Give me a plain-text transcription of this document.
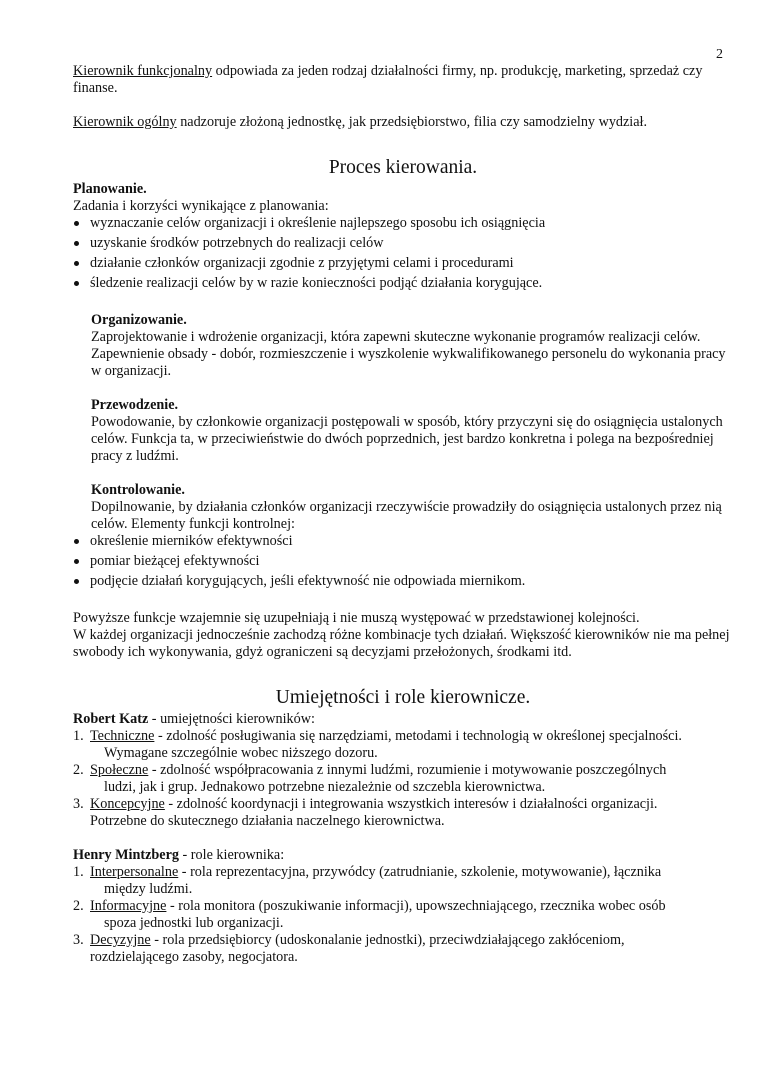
2

Kierownik funkcjonalny odpowiada za jeden rodzaj działalności firmy, np. produkcję, marketing, sprzedaż czy finanse.

Kierownik ogólny nadzoruje złożoną jednostkę, jak przedsiębiorstwo, filia czy samodzielny wydział.

Proces kierowania.

Planowanie.

Zadania i korzyści wynikające z planowania:

wyznaczanie celów organizacji i określenie najlepszego sposobu ich osiągnięcia
uzyskanie środków potrzebnych do realizacji celów
działanie członków organizacji zgodnie z przyjętymi celami i procedurami
śledzenie realizacji celów by w razie konieczności podjąć działania korygujące.

Organizowanie.

Zaprojektowanie i wdrożenie organizacji, która zapewni skuteczne wykonanie programów realizacji celów.

Zapewnienie obsady - dobór, rozmieszczenie i wyszkolenie wykwalifikowanego personelu do wykonania pracy w organizacji.

Przewodzenie.

Powodowanie, by członkowie organizacji postępowali w sposób, który przyczyni się do osiągnięcia ustalonych celów. Funkcja ta, w przeciwieństwie do dwóch poprzednich, jest bardzo konkretna i polega na bezpośredniej pracy z ludźmi.

Kontrolowanie.

Dopilnowanie, by działania członków organizacji rzeczywiście prowadziły do osiągnięcia ustalonych przez nią celów. Elementy funkcji kontrolnej:

określenie mierników efektywności
pomiar bieżącej efektywności
podjęcie działań korygujących, jeśli efektywność nie odpowiada miernikom.

Powyższe funkcje wzajemnie się uzupełniają i nie muszą występować w przedstawionej kolejności.

W każdej organizacji jednocześnie zachodzą różne kombinacje tych działań. Większość kierowników nie ma pełnej swobody ich wykonywania, gdyż ograniczeni są decyzjami przełożonych, środkami itd.

Umiejętności i role kierownicze.

Robert Katz - umiejętności kierowników:

1. Techniczne - zdolność posługiwania się narzędziami, metodami i technologią w określonej specjalności.
Wymagane szczególnie wobec niższego dozoru.
2. Społeczne - zdolność współpracowania z innymi ludźmi, rozumienie i motywowanie poszczególnych
ludzi, jak i grup. Jednakowo potrzebne niezależnie od szczebla kierownictwa.
3. Koncepcyjne - zdolność koordynacji i integrowania wszystkich interesów i działalności organizacji.
Potrzebne do skutecznego działania naczelnego kierownictwa.

Henry Mintzberg - role kierownika:

1. Interpersonalne - rola reprezentacyjna, przywódcy (zatrudnianie, szkolenie, motywowanie), łącznika
między ludźmi.
2. Informacyjne - rola monitora (poszukiwanie informacji), upowszechniającego, rzecznika wobec osób
spoza jednostki lub organizacji.
3. Decyzyjne - rola przedsiębiorcy (udoskonalanie jednostki), przeciwdziałającego zakłóceniom,
rozdzielającego zasoby, negocjatora.
